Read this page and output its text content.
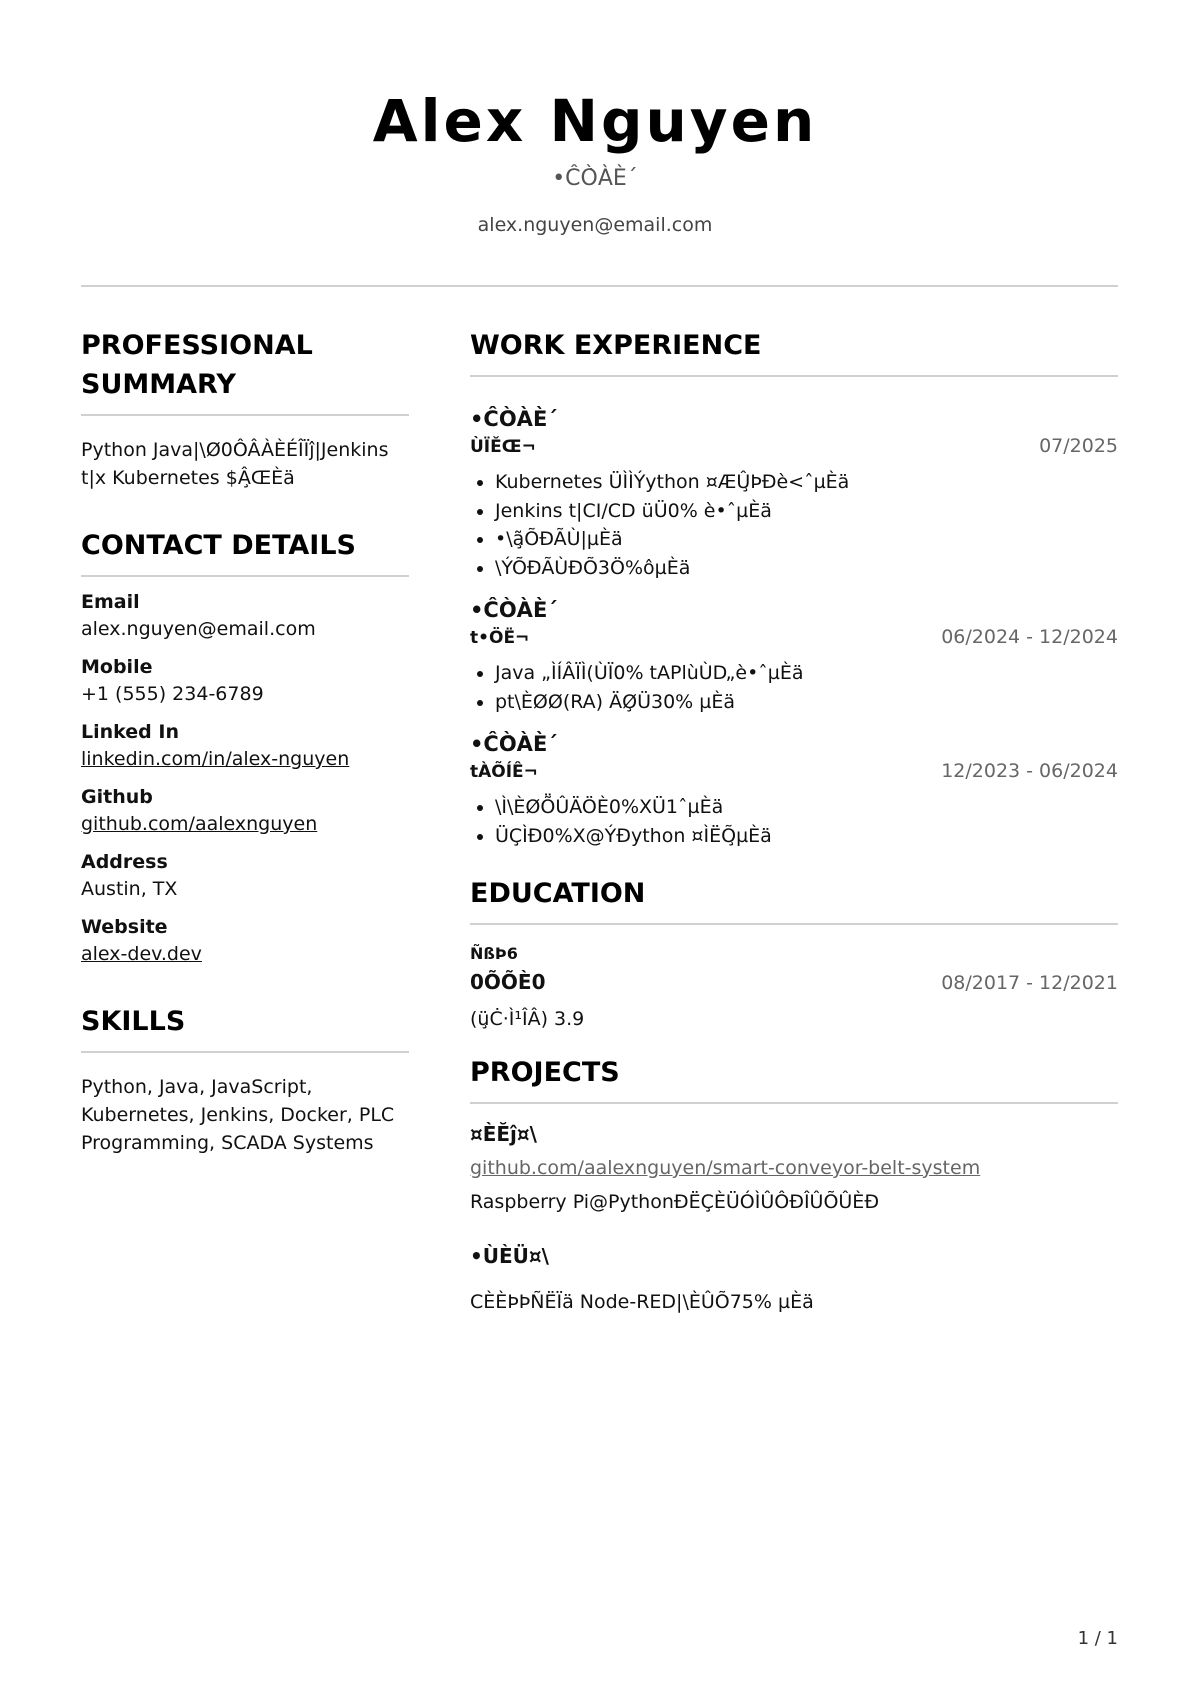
Alex Nguyen
•ĈÒ̀ÀÈ´
alex.nguyen@email.com
PROFESSIONAL SUMMARY
Python Java|\Ø0ÔÂÀÈÉÎÏĵ|Jenkins t|x Kubernetes $Â̧ŒÈä
CONTACT DETAILS
Email
alex.nguyen@email.com
Mobile
+1 (555) 234-6789
Linked In
linkedin.com/in/alex-nguyen
Github
github.com/aalexnguyen
Address
Austin, TX
Website
alex-dev.dev
SKILLS
Python, Java, JavaScript, Kubernetes, Jenkins, Docker, PLC Programming, SCADA Systems
WORK EXPERIENCE
•ĈÒ̀ÀÈ´
ÙÏĚŒ¬	07/2025
• Kubernetes ÜÌÌÝython ¤ÆÛ̧ÞÐè<ˆµÈä
• Jenkins t|CI/CD üÜ0% è•ˆµÈä
• •\ã̧ÕÐÃÙ|µÈä
• \ÝÕÐÃÙÐÕ3Ö%ôµÈä
•ĈÒ̀ÀÈ´
t•ÖË¬	06/2024 - 12/2024
• Java „ÌÍÂÏÌ(ÙÏ0% tAPlùÙD„è•ˆµÈä
• pt\ÈØØ(RA) ÄØ̧Ü30% µÈä
•ĈÒ̀ÀÈ´
tÀÕÍÊ¬	12/2023 - 06/2024
• \Ì\ÈØṎÛÄÖÈ0%XÜ1ˆµÈä
• ÜÇÌÐ0%X@ÝÐython ¤ÌËÕ̧µÈä
EDUCATION
ÑßÞ6
0ÕÕÈ0	08/2017 - 12/2021
(ü̧Ċ·Ì¹ÎÂ) 3.9
PROJECTS
¤ÈĔĵ¤\
github.com/aalexnguyen/smart-conveyor-belt-system
Raspberry Pi@PythonÐËÇÈÜÓÌÛÔÐÎÛÕÛÈÐ
•ÙÈÜ¤\
CÈÈÞÞÑËÏä Node-RED|\ÈÛÕ75% µÈä
1 / 1
